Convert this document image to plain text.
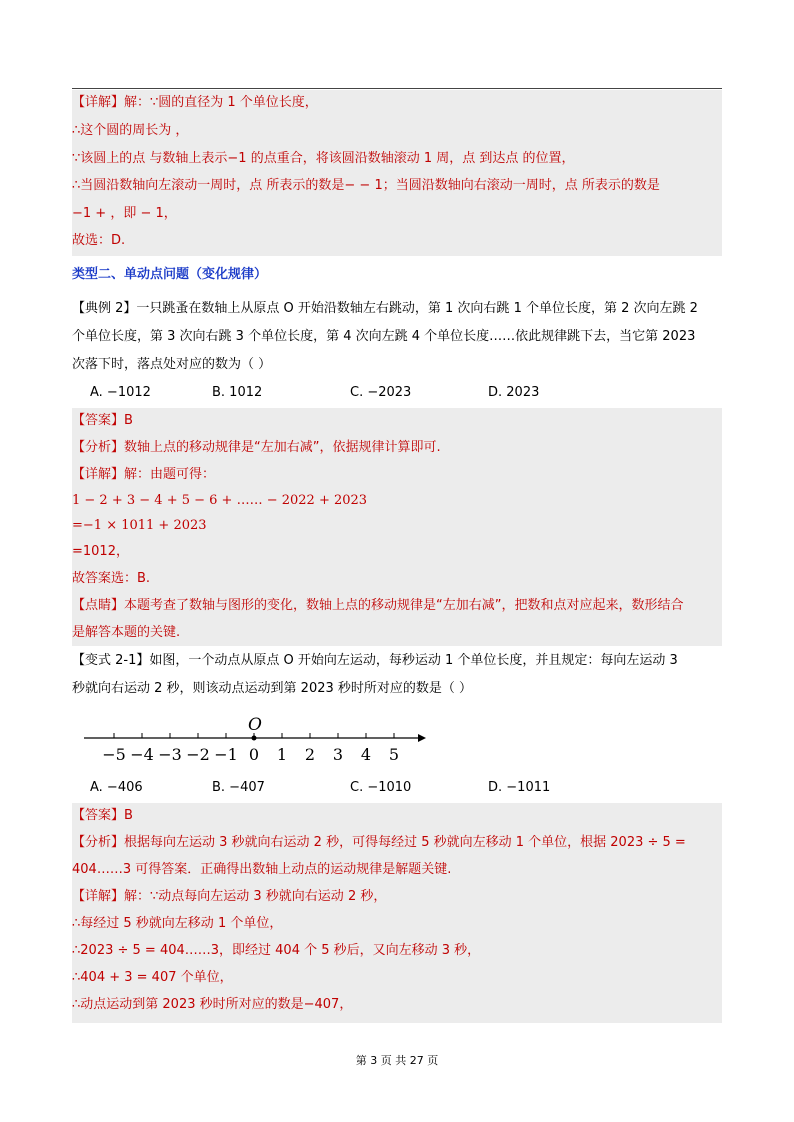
【详解】解：∵圆的直径为 1 个单位长度，
∴这个圆的周长为 ，
∵该圆上的点 与数轴上表示−1 的点重合，将该圆沿数轴滚动 1 周，点 到达点 的位置，
∴当圆沿数轴向左滚动一周时，点 所表示的数是− − 1；当圆沿数轴向右滚动一周时，点 所表示的数是
−1 + ，即 − 1，
故选：D.
类型二、单动点问题（变化规律）
【典例 2】一只跳蚤在数轴上从原点 O 开始沿数轴左右跳动，第 1 次向右跳 1 个单位长度，第 2 次向左跳 2
个单位长度，第 3 次向右跳 3 个单位长度，第 4 次向左跳 4 个单位长度……依此规律跳下去，当它第 2023
次落下时，落点处对应的数为（ ）
A. −1012	B. 1012	C. −2023	D. 2023
【答案】B
【分析】数轴上点的移动规律是“左加右减”，依据规律计算即可.
【详解】解：由题可得：
1 − 2 + 3 − 4 + 5 − 6 + …… − 2022 + 2023
=−1 × 1011 + 2023
=1012，
故答案选：B.
【点睛】本题考查了数轴与图形的变化，数轴上点的移动规律是“左加右减”，把数和点对应起来，数形结合
是解答本题的关键.
【变式 2-1】如图，一个动点从原点 O 开始向左运动，每秒运动 1 个单位长度，并且规定：每向左运动 3
秒就向右运动 2 秒，则该动点运动到第 2023 秒时所对应的数是（ ）
O
−5 −4 −3 −2 −1 0 1 2 3 4 5
A. −406	B. −407	C. −1010	D. −1011
【答案】B
【分析】根据每向左运动 3 秒就向右运动 2 秒，可得每经过 5 秒就向左移动 1 个单位，根据 2023 ÷ 5 =
404……3 可得答案．正确得出数轴上动点的运动规律是解题关键.
【详解】解：∵动点每向左运动 3 秒就向右运动 2 秒，
∴每经过 5 秒就向左移动 1 个单位，
∴2023 ÷ 5 = 404……3，即经过 404 个 5 秒后，又向左移动 3 秒，
∴404 + 3 = 407 个单位，
∴动点运动到第 2023 秒时所对应的数是−407，
第 3 页 共 27 页
